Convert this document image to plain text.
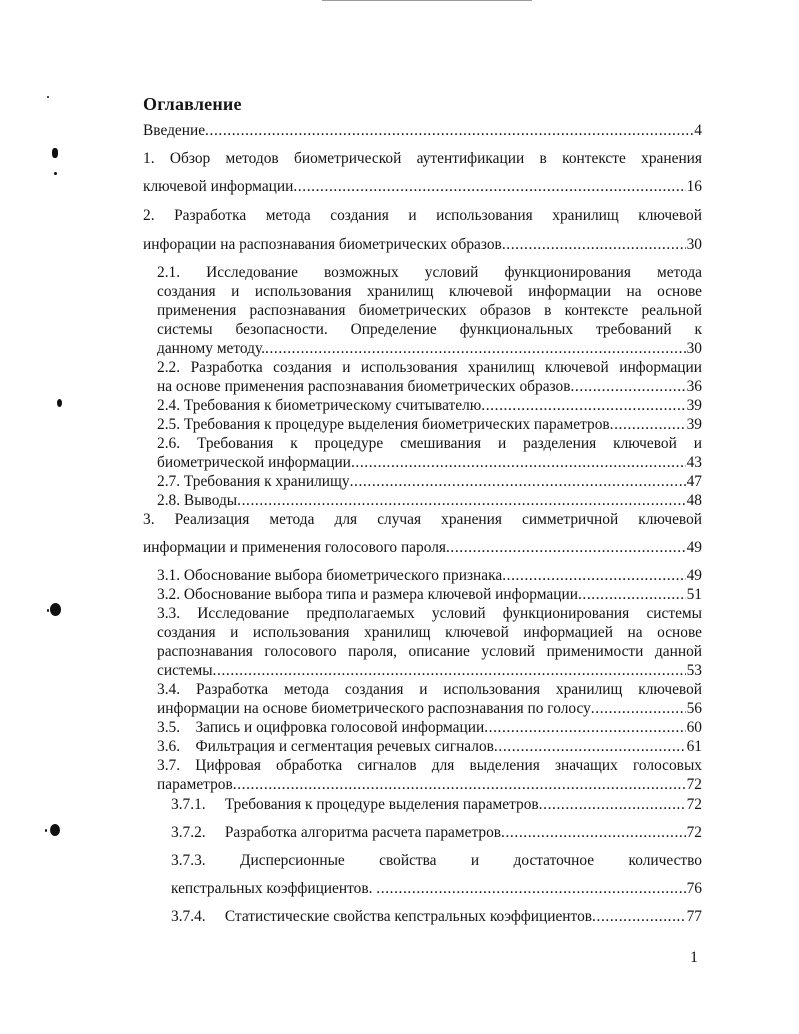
Оглавление
Введение .....	4
1. Обзор методов биометрической аутентификации в контексте хранения
ключевой информации .....	16
2. Разработка метода создания и использования хранилищ ключевой
инфорации на распознавания биометрических образов .....	30
2.1. Исследование возможных условий функционирования метода
создания и использования хранилищ ключевой информации на основе
применения распознавания биометрических образов в контексте реальной
системы безопасности. Определение функциональных требований к
данному методу. .....	30
2.2. Разработка создания и использования хранилищ ключевой информации
на основе применения распознавания биометрических образов .....	36
2.4. Требования к биометрическому считывателю .....	39
2.5. Требования к процедуре выделения биометрических параметров .....	39
2.6. Требования к процедуре смешивания и разделения ключевой и
биометрической информации .....	43
2.7. Требования к хранилищу .....	47
2.8. Выводы .....	48
3. Реализация метода для случая хранения симметричной ключевой
информации и применения голосового пароля .....	49
3.1. Обоснование выбора биометрического признака .....	49
3.2. Обоснование выбора типа и размера ключевой информации .....	51
3.3. Исследование предполагаемых условий функционирования системы
создания и использования хранилищ ключевой информацией на основе
распознавания голосового пароля, описание условий применимости данной
системы .....	53
3.4. Разработка метода создания и использования хранилищ ключевой
информации на основе биометрического распознавания по голосу .....	56
3.5.    Запись и оцифровка голосовой информации .....	60
3.6.    Фильтрация и сегментация речевых сигналов .....	61
3.7. Цифровая обработка сигналов для выделения значащих голосовых
параметров .....	72
3.7.1.     Требования к процедуре выделения параметров .....	72
3.7.2.     Разработка алгоритма расчета параметров .....	72
3.7.3. Дисперсионные свойства и достаточное количество
кепстральных коэффициентов. .....	76
3.7.4.     Статистические свойства кепстральных коэффициентов .....	77
1
